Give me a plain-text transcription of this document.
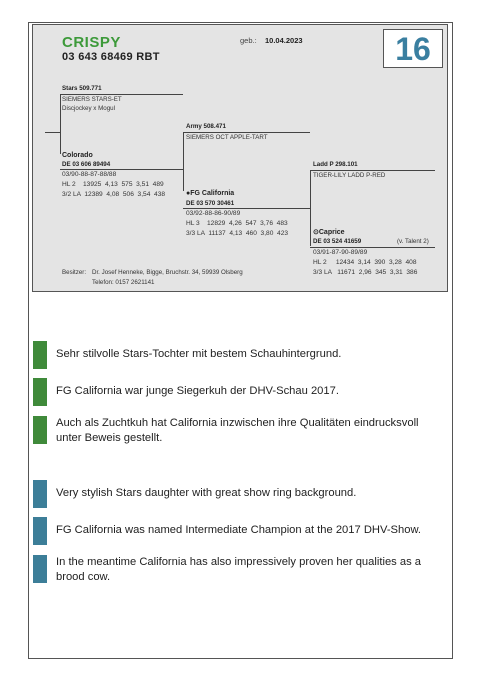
CRISPY
03 643 68469 RBT
geb.: 10.04.2023	16
Stars 509.771
SIEMERS STARS-ET
Discjockey x Mogul
Colorado
DE 03 606 89494
03/90-88-87-88/88
HL 2    13925  4,13  575  3,51  489
3/2 LA  12389  4,08  506  3,54  438
Army 508.471
SIEMERS OCT APPLE-TART
●FG California
DE 03 570 30461
03/92-88-86-90/89
HL 3    12829  4,26  547  3,76  483
3/3 LA  11137  4,13  460  3,80  423
Ladd P 298.101
TIGER-LILY LADD P-RED
⊙Caprice
DE 03 524 41659	(v. Talent 2)
03/91-87-90-89/89
HL 2     12434  3,14  390  3,28  408
3/3 LA   11671  2,96  345  3,31  386
Besitzer: Dr. Josef Henneke, Bigge, Bruchstr. 34, 59939 Olsberg
Telefon: 0157 2621141
Sehr stilvolle Stars-Tochter mit bestem Schauhintergrund.
FG California war junge Siegerkuh der DHV-Schau 2017.
Auch als Zuchtkuh hat California inzwischen ihre Qualitäten eindrucksvoll
unter Beweis gestellt.
Very stylish Stars daughter with great show ring background.
FG California was named Intermediate Champion at the 2017 DHV-Show.
In the meantime California has also impressively proven her qualities as a
brood cow.
